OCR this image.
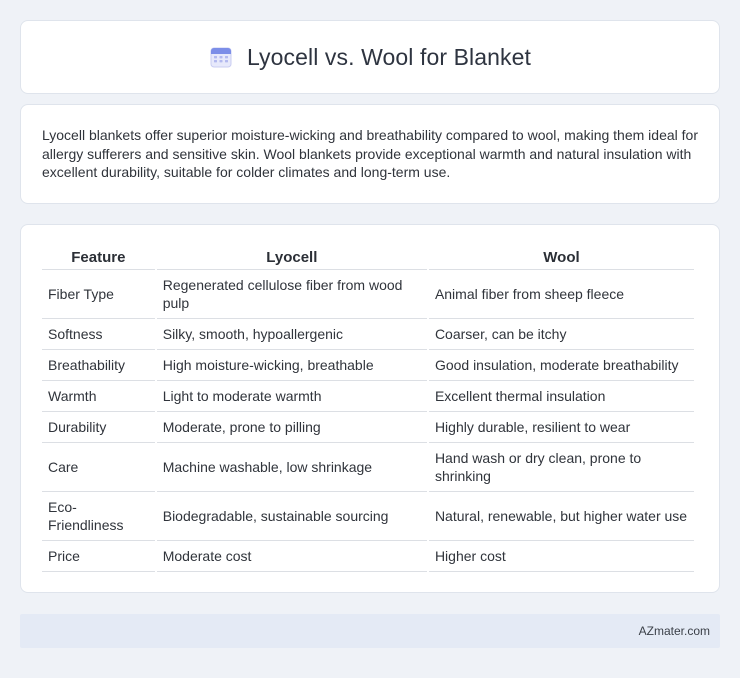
Lyocell vs. Wool for Blanket

Lyocell blankets offer superior moisture-wicking and breathability compared to wool, making them ideal for allergy sufferers and sensitive skin. Wool blankets provide exceptional warmth and natural insulation with excellent durability, suitable for colder climates and long-term use.

Feature	Lyocell	Wool
Fiber Type	Regenerated cellulose fiber from wood pulp	Animal fiber from sheep fleece
Softness	Silky, smooth, hypoallergenic	Coarser, can be itchy
Breathability	High moisture-wicking, breathable	Good insulation, moderate breathability
Warmth	Light to moderate warmth	Excellent thermal insulation
Durability	Moderate, prone to pilling	Highly durable, resilient to wear
Care	Machine washable, low shrinkage	Hand wash or dry clean, prone to shrinking
Eco-Friendliness	Biodegradable, sustainable sourcing	Natural, renewable, but higher water use
Price	Moderate cost	Higher cost
AZmater.com
